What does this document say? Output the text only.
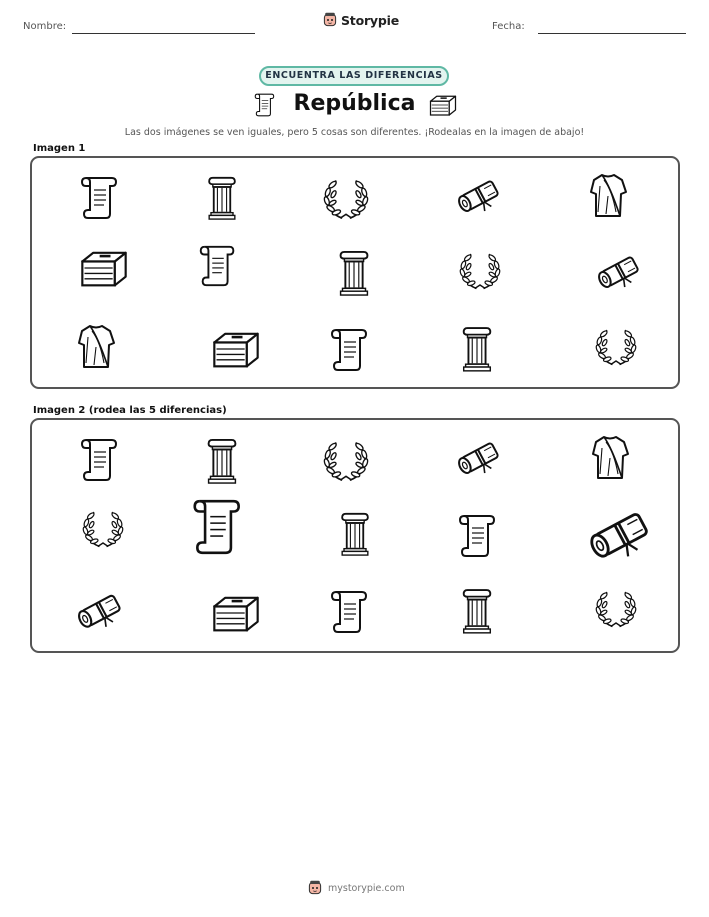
Nombre:	Storypie	Fecha:
ENCUENTRA LAS DIFERENCIAS
República
Las dos imágenes se ven iguales, pero 5 cosas son diferentes. ¡Rodealas en la imagen de abajo!
Imagen 1
Imagen 2 (rodea las 5 diferencias)
mystorypie.com
